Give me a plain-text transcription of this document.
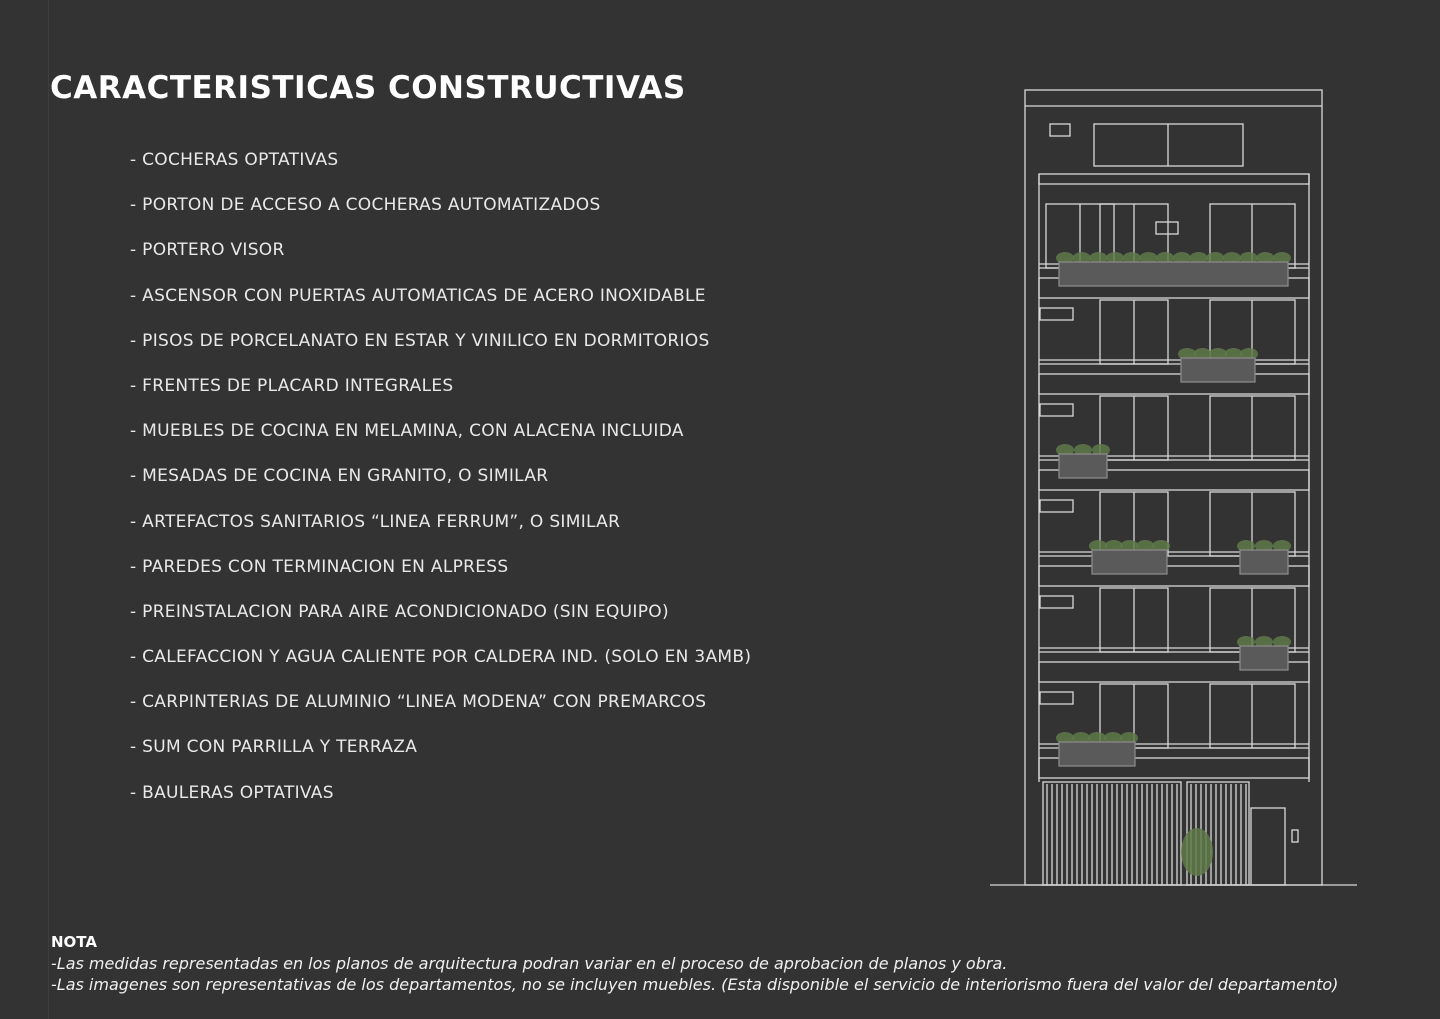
CARACTERISTICAS CONSTRUCTIVAS
- COCHERAS OPTATIVAS
- PORTON DE ACCESO A COCHERAS AUTOMATIZADOS
- PORTERO VISOR
- ASCENSOR CON PUERTAS AUTOMATICAS DE ACERO INOXIDABLE
- PISOS DE PORCELANATO EN ESTAR Y VINILICO EN DORMITORIOS
- FRENTES DE PLACARD INTEGRALES
- MUEBLES DE COCINA EN MELAMINA, CON ALACENA INCLUIDA
- MESADAS DE COCINA EN GRANITO, O SIMILAR
- ARTEFACTOS SANITARIOS “LINEA FERRUM”, O SIMILAR
- PAREDES CON TERMINACION EN ALPRESS
- PREINSTALACION PARA AIRE ACONDICIONADO (SIN EQUIPO)
- CALEFACCION Y AGUA CALIENTE POR CALDERA IND. (SOLO EN 3AMB)
- CARPINTERIAS DE ALUMINIO “LINEA MODENA” CON PREMARCOS
- SUM CON PARRILLA Y TERRAZA
- BAULERAS OPTATIVAS
NOTA
-Las medidas representadas en los planos de arquitectura podran variar en el proceso de aprobacion de planos y obra.
-Las imagenes son representativas de los departamentos, no se incluyen muebles. (Esta disponible el servicio de interiorismo fuera del valor del departamento)
